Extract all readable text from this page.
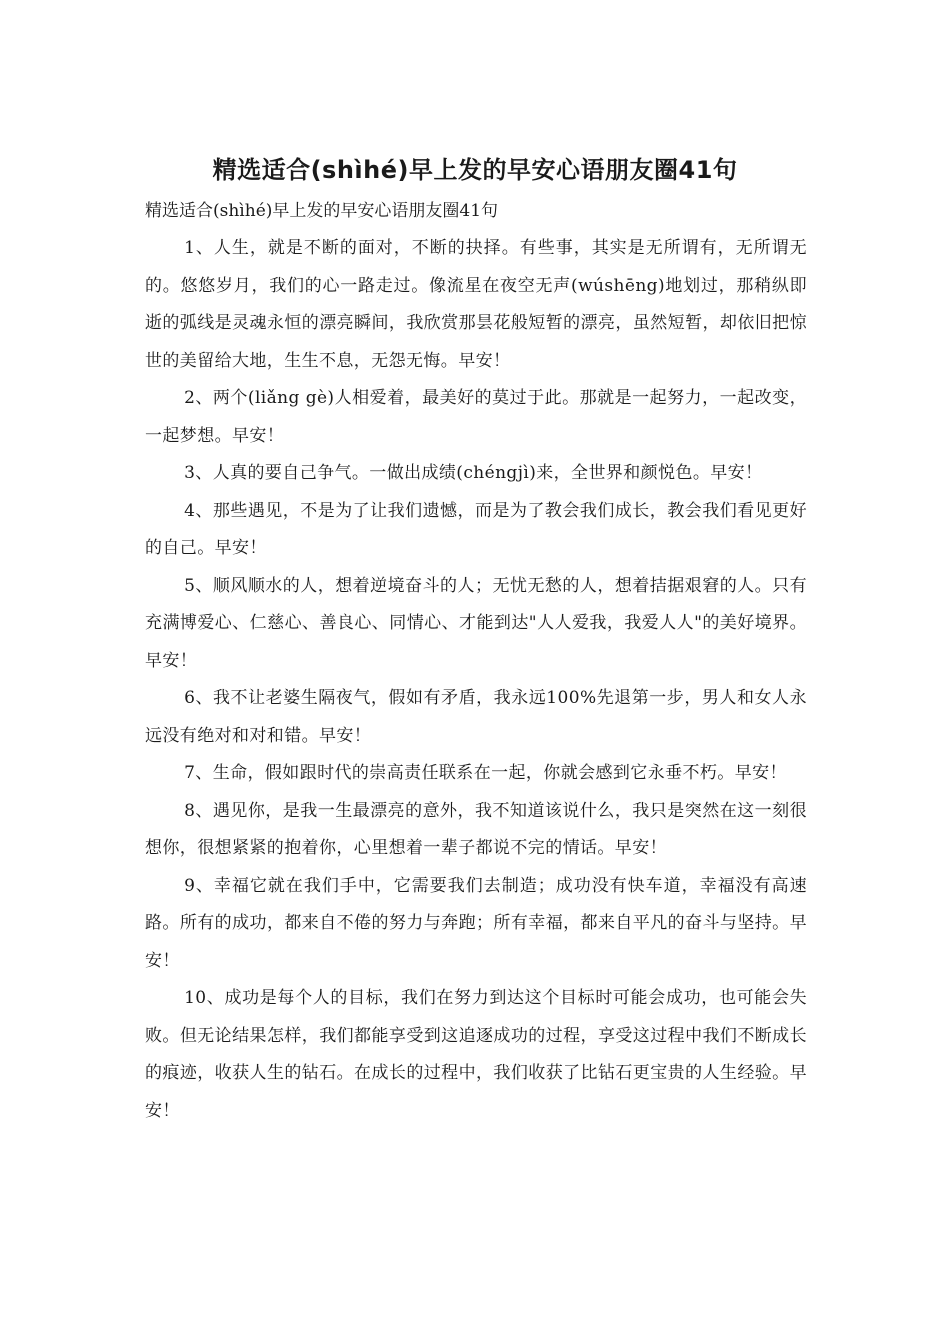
精选适合(shìhé)早上发的早安心语朋友圈41句

精选适合(shìhé)早上发的早安心语朋友圈41句

1、人生，就是不断的面对，不断的抉择。有些事，其实是无所谓有，无所谓无的。悠悠岁月，我们的心一路走过。像流星在夜空无声(wúshēng)地划过，那稍纵即逝的弧线是灵魂永恒的漂亮瞬间，我欣赏那昙花般短暂的漂亮，虽然短暂，却依旧把惊世的美留给大地，生生不息，无怨无悔。早安！

2、两个(liǎng gè)人相爱着，最美好的莫过于此。那就是一起努力，一起改变，一起梦想。早安！

3、人真的要自己争气。一做出成绩(chéngjì)来，全世界和颜悦色。早安！

4、那些遇见，不是为了让我们遗憾，而是为了教会我们成长，教会我们看见更好的自己。早安！

5、顺风顺水的人，想着逆境奋斗的人；无忧无愁的人，想着拮据艰窘的人。只有充满博爱心、仁慈心、善良心、同情心、才能到达"人人爱我，我爱人人"的美好境界。早安！

6、我不让老婆生隔夜气，假如有矛盾，我永远100%先退第一步，男人和女人永远没有绝对和对和错。早安！

7、生命，假如跟时代的崇高责任联系在一起，你就会感到它永垂不朽。早安！

8、遇见你，是我一生最漂亮的意外，我不知道该说什么，我只是突然在这一刻很想你，很想紧紧的抱着你，心里想着一辈子都说不完的情话。早安！

9、幸福它就在我们手中，它需要我们去制造；成功没有快车道，幸福没有高速路。所有的成功，都来自不倦的努力与奔跑；所有幸福，都来自平凡的奋斗与坚持。早安！

10、成功是每个人的目标，我们在努力到达这个目标时可能会成功，也可能会失败。但无论结果怎样，我们都能享受到这追逐成功的过程，享受这过程中我们不断成长的痕迹，收获人生的钻石。在成长的过程中，我们收获了比钻石更宝贵的人生经验。早安！
